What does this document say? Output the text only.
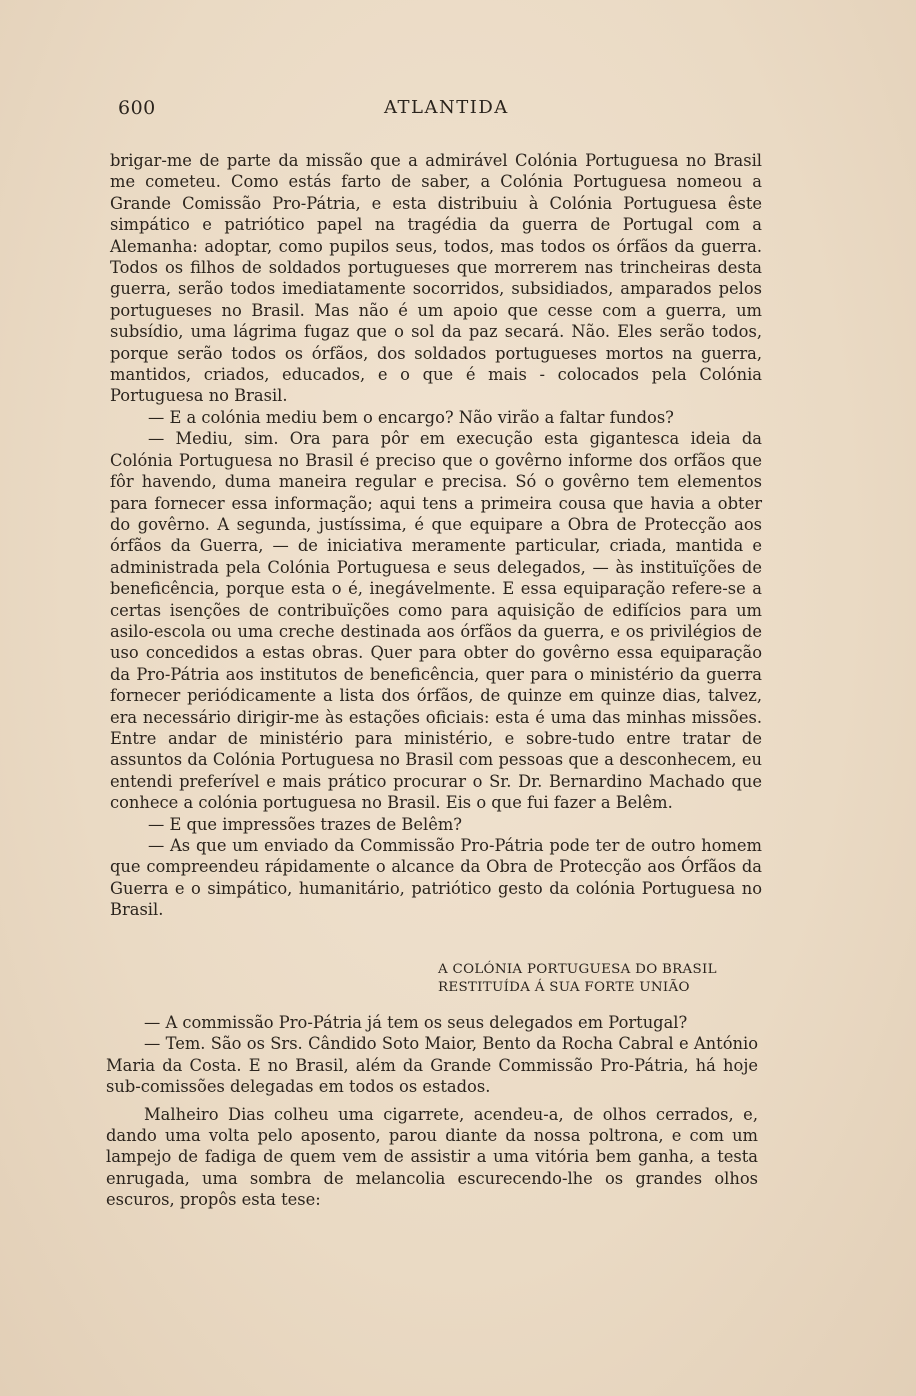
600	ATLANTIDA

brigar-me de parte da missão que a admirável Colónia Portuguesa no Brasil me cometeu. Como estás farto de saber, a Colónia Portuguesa nomeou a Grande Comissão Pro-Pátria, e esta distribuiu à Colónia Portuguesa êste simpático e patriótico papel na tragédia da guerra de Portugal com a Alemanha: adoptar, como pupilos seus, todos, mas todos os órfãos da guerra. Todos os filhos de soldados portugueses que morrerem nas trincheiras desta guerra, serão todos imediatamente socorridos, subsidiados, amparados pelos portugueses no Brasil. Mas não é um apoio que cesse com a guerra, um subsídio, uma lágrima fugaz que o sol da paz secará. Não. Eles serão todos, porque serão todos os órfãos, dos soldados portugueses mortos na guerra, mantidos, criados, educados, e o que é mais - colocados pela Colónia Portuguesa no Brasil.

— E a colónia mediu bem o encargo? Não virão a faltar fundos?

— Mediu, sim. Ora para pôr em execução esta gigantesca ideia da Colónia Portuguesa no Brasil é preciso que o govêrno informe dos orfãos que fôr havendo, duma maneira regular e precisa. Só o govêrno tem elementos para fornecer essa informação; aqui tens a primeira cousa que havia a obter do govêrno. A segunda, justíssima, é que equipare a Obra de Protecção aos órfãos da Guerra, — de iniciativa meramente particular, criada, mantida e administrada pela Colónia Portuguesa e seus delegados, — às instituïções de beneficência, porque esta o é, inegávelmente. E essa equiparação refere-se a certas isenções de contribuïções como para aquisição de edifícios para um asilo-escola ou uma creche destinada aos órfãos da guerra, e os privilégios de uso concedidos a estas obras. Quer para obter do govêrno essa equiparação da Pro-Pátria aos institutos de beneficência, quer para o ministério da guerra fornecer periódicamente a lista dos órfãos, de quinze em quinze dias, talvez, era necessário dirigir-me às estações oficiais: esta é uma das minhas missões. Entre andar de ministério para ministério, e sobre-tudo entre tratar de assuntos da Colónia Portuguesa no Brasil com pessoas que a desconhecem, eu entendi preferível e mais prático procurar o Sr. Dr. Bernardino Machado que conhece a colónia portuguesa no Brasil. Eis o que fui fazer a Belêm.

— E que impressões trazes de Belêm?

— As que um enviado da Commissão Pro-Pátria pode ter de outro homem que compreendeu rápidamente o alcance da Obra de Protecção aos Órfãos da Guerra e o simpático, humanitário, patriótico gesto da colónia Portuguesa no Brasil.

A COLÓNIA PORTUGUESA DO BRASIL
RESTITUÍDA Á SUA FORTE UNIÃO

— A commissão Pro-Pátria já tem os seus delegados em Portugal?

— Tem. São os Srs. Cândido Soto Maior, Bento da Rocha Cabral e António Maria da Costa. E no Brasil, além da Grande Commissão Pro-Pátria, há hoje sub-comissões delegadas em todos os estados.

Malheiro Dias colheu uma cigarrete, acendeu-a, de olhos cerrados, e, dando uma volta pelo aposento, parou diante da nossa poltrona, e com um lampejo de fadiga de quem vem de assistir a uma vitória bem ganha, a testa enrugada, uma sombra de melancolia escurecendo-lhe os grandes olhos escuros, propôs esta tese:
